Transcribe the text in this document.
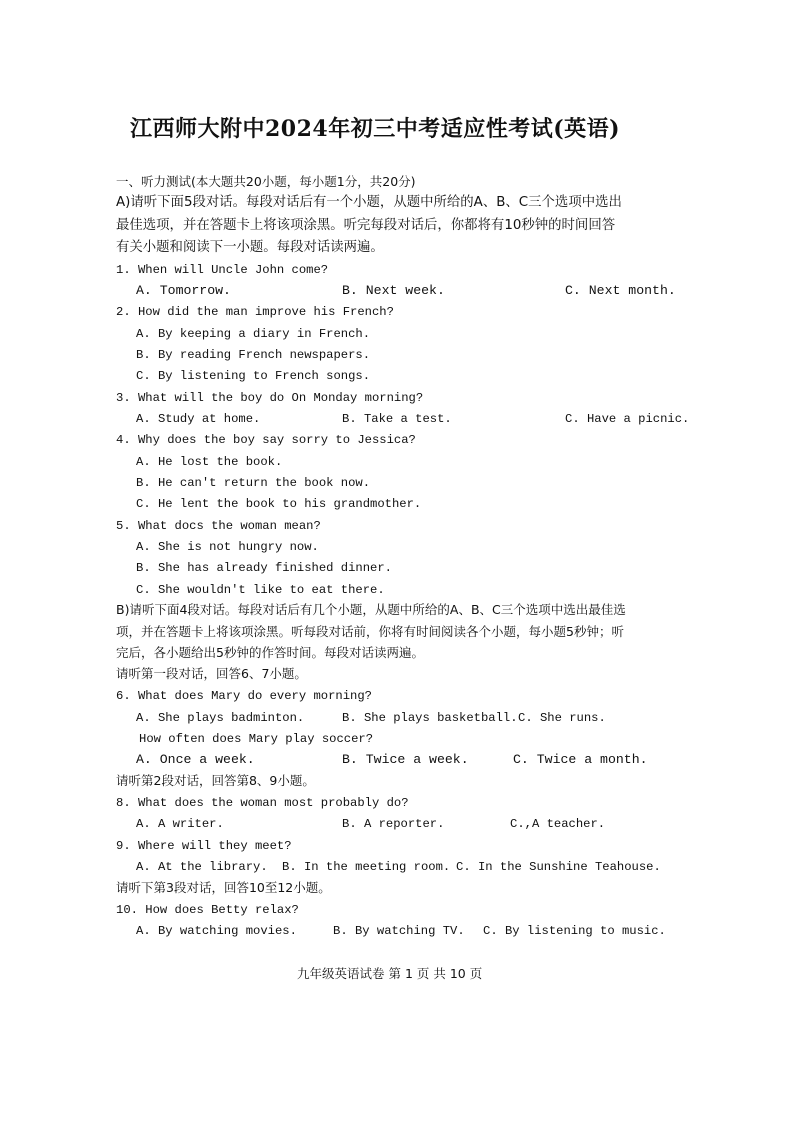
江西师大附中2024年初三中考适应性考试(英语)
一、听力测试(本大题共20小题，每小题1分，共20分)
A)请听下面5段对话。每段对话后有一个小题，从题中所给的A、B、C三个选项中选出
最佳选项，并在答题卡上将该项涂黑。听完每段对话后，你都将有10秒钟的时间回答
有关小题和阅读下一小题。每段对话读两遍。
1. When will Uncle John come?
A. Tomorrow.	B. Next week.	C. Next month.
2. How did the man improve his French?
A. By keeping a diary in French.
B. By reading French newspapers.
C. By listening to French songs.
3. What will the boy do On Monday morning?
A. Study at home.	B. Take a test.	C. Have a picnic.
4. Why does the boy say sorry to Jessica?
A. He lost the book.
B. He can't return the book now.
C. He lent the book to his grandmother.
5. What docs the woman mean?
A. She is not hungry now.
B. She has already finished dinner.
C. She wouldn't like to eat there.
B)请听下面4段对话。每段对话后有几个小题，从题中所给的A、B、C三个选项中选出最佳选
项，并在答题卡上将该项涂黑。听每段对话前，你将有时间阅读各个小题，每小题5秒钟；听
完后，各小题给出5秒钟的作答时间。每段对话读两遍。
请听第一段对话，回答6、7小题。
6. What does Mary do every morning?
A. She plays badminton.	B. She plays basketball. C. She runs.
How often does Mary play soccer?
A. Once a week.	B. Twice a week.	C. Twice a month.
请听第2段对话，回答第8、9小题。
8. What does the woman most probably do?
A. A writer.	B. A reporter.	C.,A teacher.
9. Where will they meet?
A. At the library. B. In the meeting room. C. In the Sunshine Teahouse.
请听下第3段对话，回答10至12小题。
10. How does Betty relax?
A. By watching movies.	B. By watching TV. C. By listening to music.
九年级英语试卷 第 1 页 共 10 页
